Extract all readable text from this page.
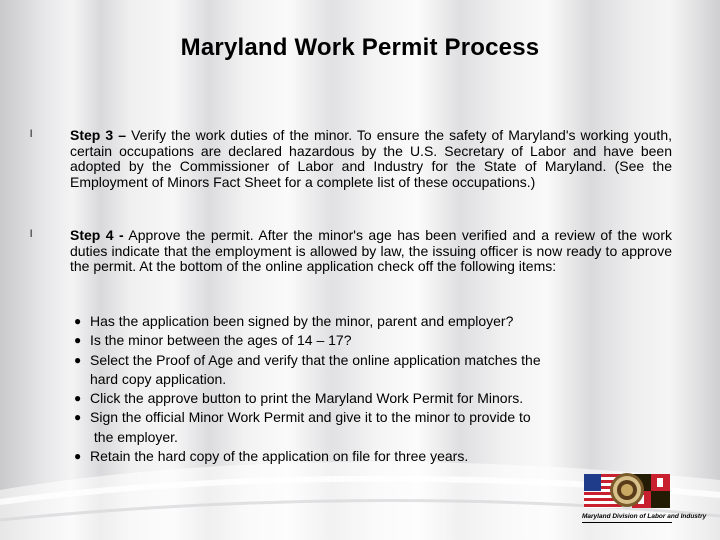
Maryland Work Permit Process
l	Step 3 – Verify the work duties of the minor. To ensure the safety of Maryland's working youth, certain occupations are declared hazardous by the U.S. Secretary of Labor and have been adopted by the Commissioner of Labor and Industry for the State of Maryland. (See the Employment of Minors Fact Sheet for a complete list of these occupations.)
l	Step 4 - Approve the permit. After the minor's age has been verified and a review of the work duties indicate that the employment is allowed by law, the issuing officer is now ready to approve the permit. At the bottom of the online application check off the following items:
● Has the application been signed by the minor, parent and employer?
● Is the minor between the ages of 14 – 17?
● Select the Proof of Age and verify that the online application matches the
hard copy application.
● Click the approve button to print the Maryland Work Permit for Minors.
● Sign the official Minor Work Permit and give it to the minor to provide to
the employer.
● Retain the hard copy of the application on file for three years.
Maryland Division of Labor and Industry
